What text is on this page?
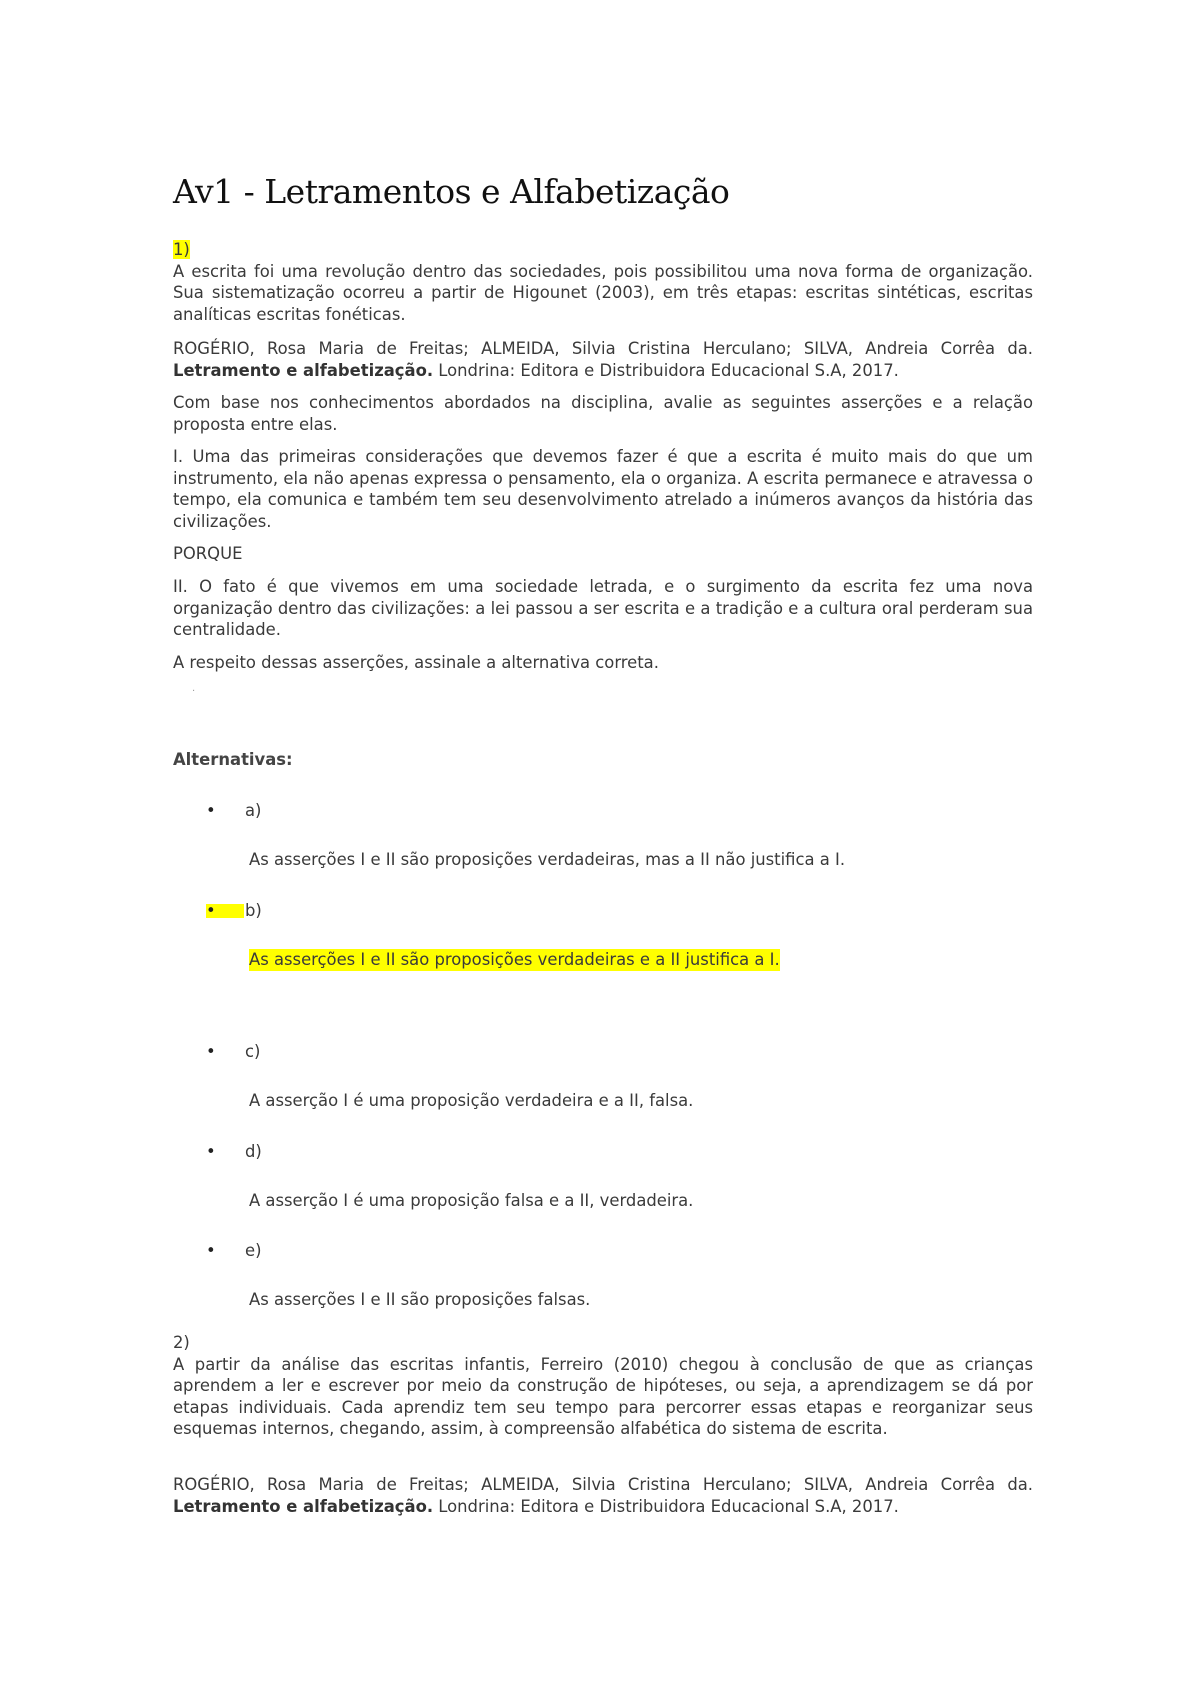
Av1 - Letramentos e Alfabetização
1)

A escrita foi uma revolução dentro das sociedades, pois possibilitou uma nova forma de organização. Sua sistematização ocorreu a partir de Higounet (2003), em três etapas: escritas sintéticas, escritas analíticas escritas fonéticas.

ROGÉRIO, Rosa Maria de Freitas; ALMEIDA, Silvia Cristina Herculano; SILVA, Andreia Corrêa da. Letramento e alfabetização. Londrina: Editora e Distribuidora Educacional S.A, 2017.

Com base nos conhecimentos abordados na disciplina, avalie as seguintes asserções e a relação proposta entre elas.

I. Uma das primeiras considerações que devemos fazer é que a escrita é muito mais do que um instrumento, ela não apenas expressa o pensamento, ela o organiza. A escrita permanece e atravessa o tempo, ela comunica e também tem seu desenvolvimento atrelado a inúmeros avanços da história das civilizações.

PORQUE

II. O fato é que vivemos em uma sociedade letrada, e o surgimento da escrita fez uma nova organização dentro das civilizações: a lei passou a ser escrita e a tradição e a cultura oral perderam sua centralidade.

A respeito dessas asserções, assinale a alternativa correta.

·
Alternativas:
• a)
As asserções I e II são proposições verdadeiras, mas a II não justifica a I.
• b)
As asserções I e II são proposições verdadeiras e a II justifica a I.
• c)
A asserção I é uma proposição verdadeira e a II, falsa.
• d)
A asserção I é uma proposição falsa e a II, verdadeira.
• e)
As asserções I e II são proposições falsas.
2)

A partir da análise das escritas infantis, Ferreiro (2010) chegou à conclusão de que as crianças aprendem a ler e escrever por meio da construção de hipóteses, ou seja, a aprendizagem se dá por etapas individuais. Cada aprendiz tem seu tempo para percorrer essas etapas e reorganizar seus esquemas internos, chegando, assim, à compreensão alfabética do sistema de escrita.

ROGÉRIO, Rosa Maria de Freitas; ALMEIDA, Silvia Cristina Herculano; SILVA, Andreia Corrêa da. Letramento e alfabetização. Londrina: Editora e Distribuidora Educacional S.A, 2017.
